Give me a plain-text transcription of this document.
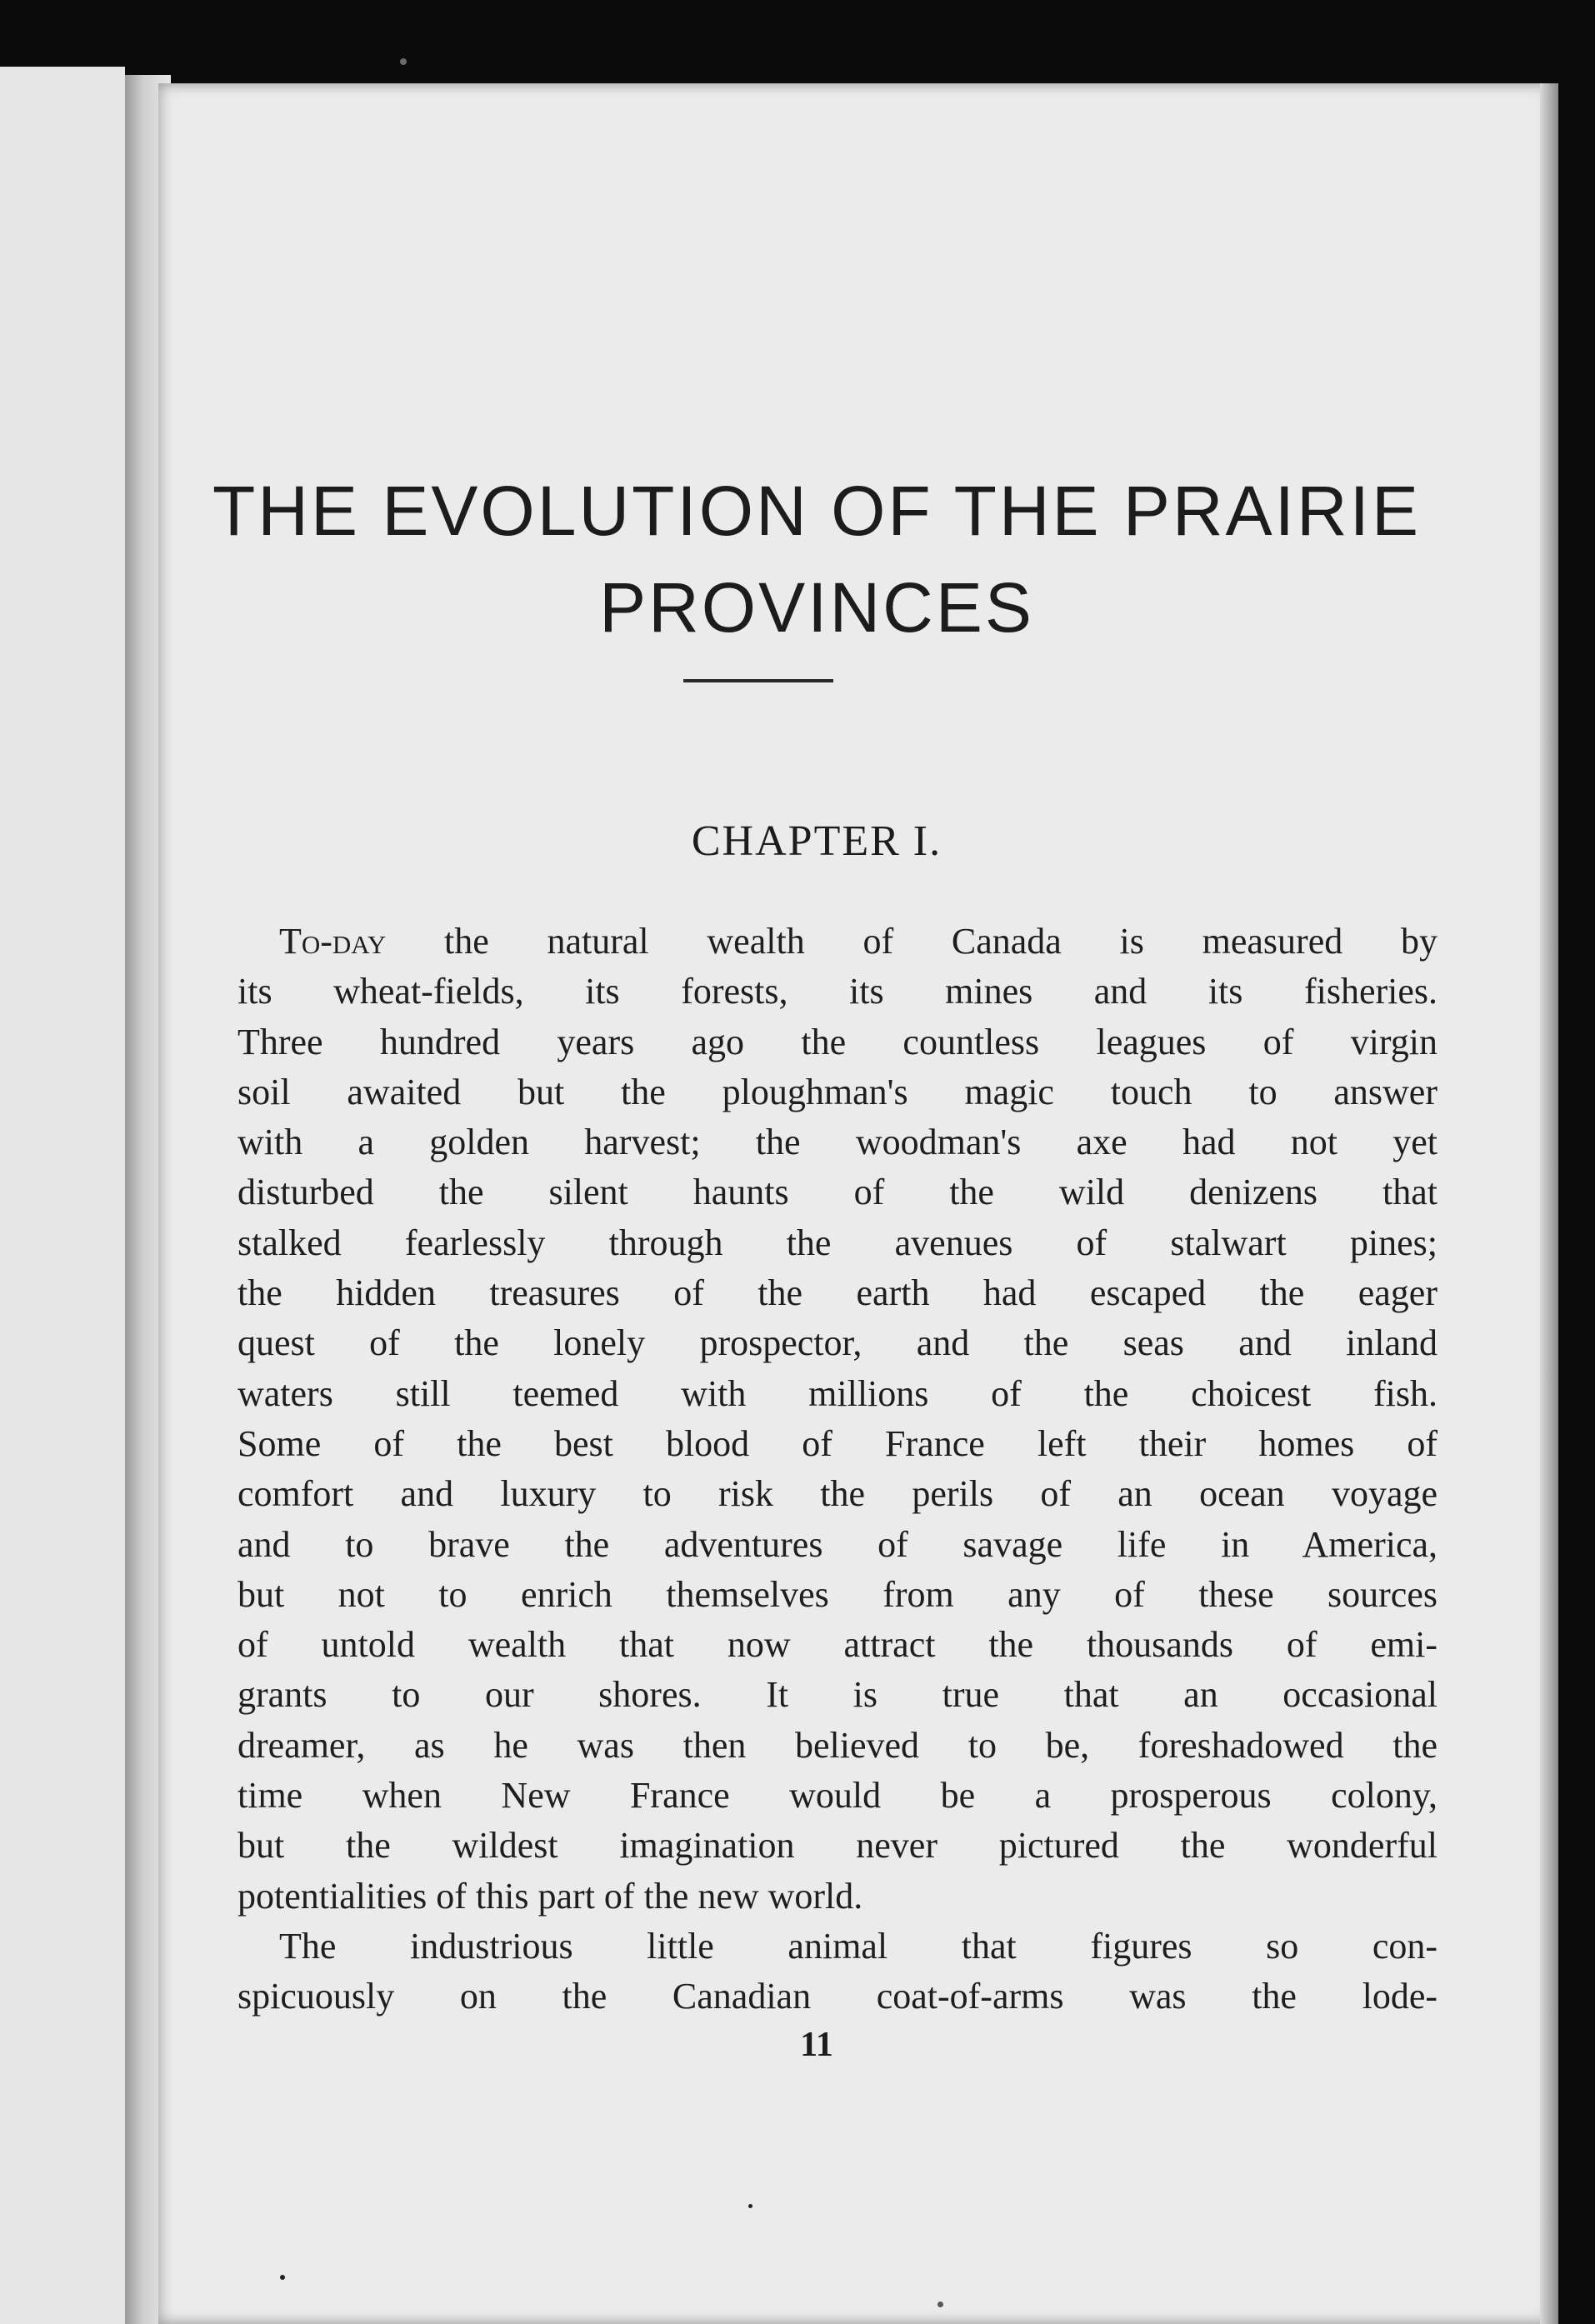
THE EVOLUTION OF THE PRAIRIE
PROVINCES
CHAPTER I.
To-day the natural wealth of Canada is measured by
its wheat-fields, its forests, its mines and its fisheries.
Three hundred years ago the countless leagues of virgin
soil awaited but the ploughman's magic touch to answer
with a golden harvest; the woodman's axe had not yet
disturbed the silent haunts of the wild denizens that
stalked fearlessly through the avenues of stalwart pines;
the hidden treasures of the earth had escaped the eager
quest of the lonely prospector, and the seas and inland
waters still teemed with millions of the choicest fish.
Some of the best blood of France left their homes of
comfort and luxury to risk the perils of an ocean voyage
and to brave the adventures of savage life in America,
but not to enrich themselves from any of these sources
of untold wealth that now attract the thousands of emi-
grants to our shores. It is true that an occasional
dreamer, as he was then believed to be, foreshadowed the
time when New France would be a prosperous colony,
but the wildest imagination never pictured the wonderful
potentialities of this part of the new world.
The industrious little animal that figures so con-
spicuously on the Canadian coat-of-arms was the lode-
11
